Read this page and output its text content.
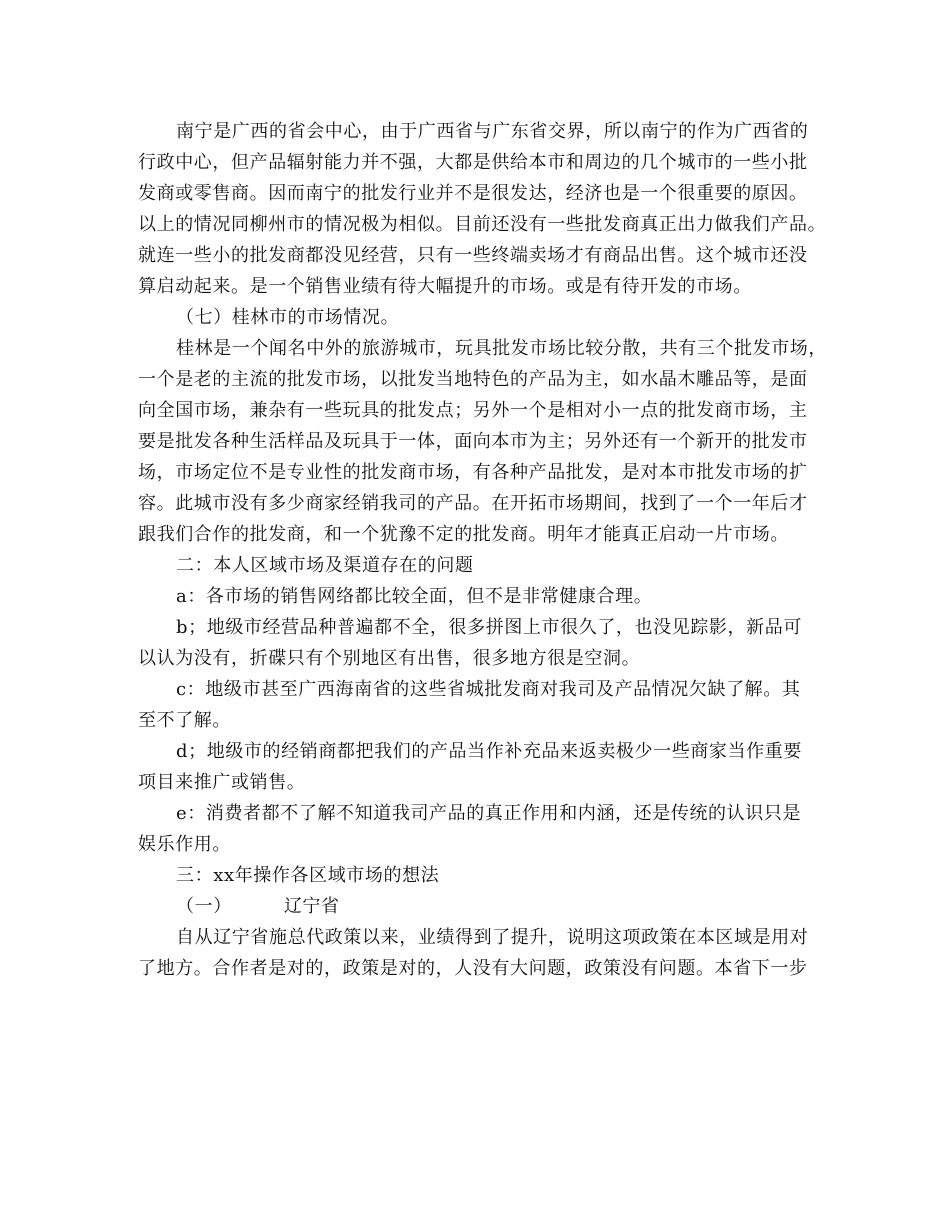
南宁是广西的省会中心，由于广西省与广东省交界，所以南宁的作为广西省的
行政中心，但产品辐射能力并不强，大都是供给本市和周边的几个城市的一些小批
发商或零售商。因而南宁的批发行业并不是很发达，经济也是一个很重要的原因。
以上的情况同柳州市的情况极为相似。目前还没有一些批发商真正出力做我们产品。
就连一些小的批发商都没见经营，只有一些终端卖场才有商品出售。这个城市还没
算启动起来。是一个销售业绩有待大幅提升的市场。或是有待开发的市场。
（七）桂林市的市场情况。
桂林是一个闻名中外的旅游城市，玩具批发市场比较分散，共有三个批发市场，
一个是老的主流的批发市场，以批发当地特色的产品为主，如水晶木雕品等，是面
向全国市场，兼杂有一些玩具的批发点；另外一个是相对小一点的批发商市场，主
要是批发各种生活样品及玩具于一体，面向本市为主；另外还有一个新开的批发市
场，市场定位不是专业性的批发商市场，有各种产品批发，是对本市批发市场的扩
容。此城市没有多少商家经销我司的产品。在开拓市场期间，找到了一个一年后才
跟我们合作的批发商，和一个犹豫不定的批发商。明年才能真正启动一片市场。
二：本人区域市场及渠道存在的问题
a：各市场的销售网络都比较全面，但不是非常健康合理。
b；地级市经营品种普遍都不全，很多拼图上市很久了，也没见踪影，新品可
以认为没有，折碟只有个别地区有出售，很多地方很是空洞。
c：地级市甚至广西海南省的这些省城批发商对我司及产品情况欠缺了解。其
至不了解。
d；地级市的经销商都把我们的产品当作补充品来返卖极少一些商家当作重要
项目来推广或销售。
e：消费者都不了解不知道我司产品的真正作用和内涵，还是传统的认识只是
娱乐作用。
三：xx年操作各区域市场的想法
（一）	辽宁省
自从辽宁省施总代政策以来，业绩得到了提升，说明这项政策在本区域是用对
了地方。合作者是对的，政策是对的，人没有大问题，政策没有问题。本省下一步
